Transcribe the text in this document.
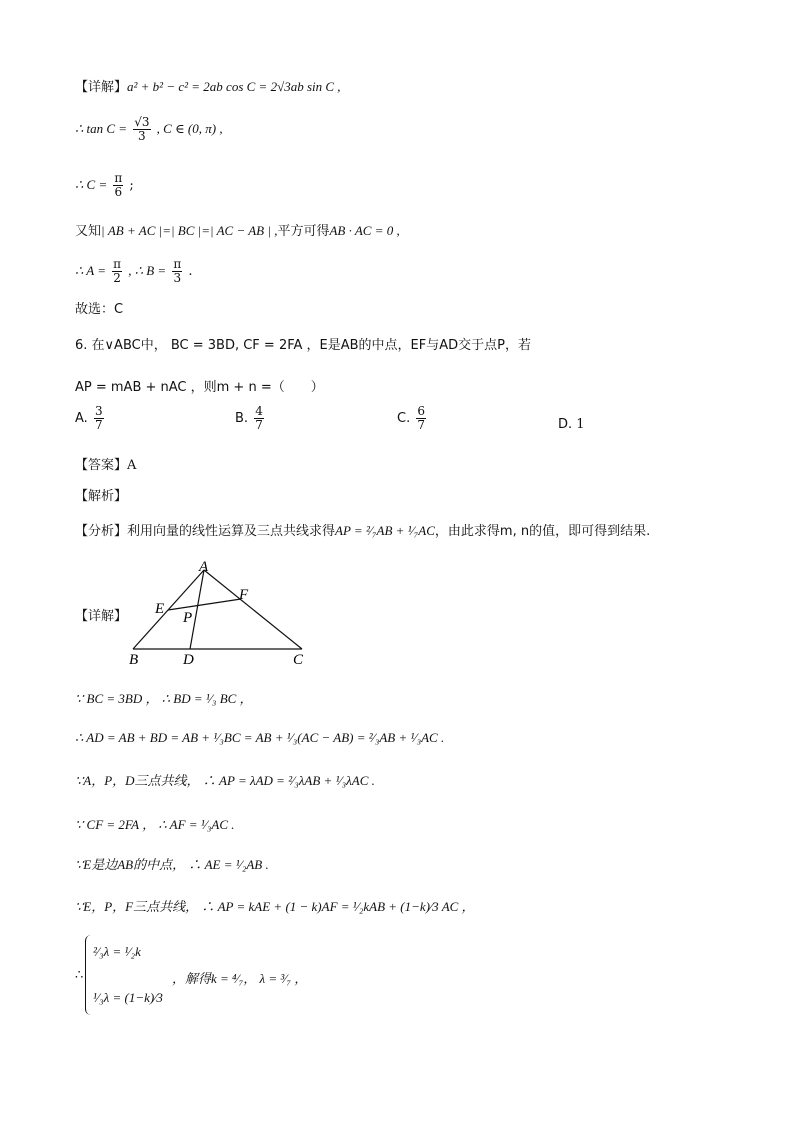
【详解】a² + b² − c² = 2ab cos C = 2√3ab sin C ,
∴ $\tan C = \frac{√3}{3}$ , C ∈ (0, π) ,
∴ $C = \frac{\pi}{6}$ ;
又知| AB + AC |=| BC |=| AC − AB | ,平方可得AB · AC = 0 ,
∴ $A = \frac{\pi}{2}$ , ∴ $B = \frac{\pi}{3}$ .
故选：C
6. 在∨ABC中， BC = 3BD, CF = 2FA ，E是AB的中点，EF与AD交于点P，若
AP = mAB + nAC ，则m + n =（　　）
A. $\frac{3}{7}$	B. $\frac{4}{7}$	C. $\frac{6}{7}$	D. 1
【答案】A
【解析】
【分析】利用向量的线性运算及三点共线求得AP = ²⁄₇AB + ¹⁄₇AC，由此求得m, n的值，即可得到结果.
【详解】
A
F
E
P
B	D	C
∵ BC = 3BD ， ∴ BD = ¹⁄₃ BC ，
∴ AD = AB + BD = AB + ¹⁄₃BC = AB + ¹⁄₃(AC − AB) = ²⁄₃AB + ¹⁄₃AC .
∵A，P，D三点共线， ∴ AP = λAD = ²⁄₃λAB + ¹⁄₃λAC .
∵ CF = 2FA ， ∴ AF = ¹⁄₃AC .
∵E是边AB的中点， ∴ AE = ¹⁄₂AB .
∵E，P，F三点共线， ∴ AP = kAE + (1 − k)AF = ¹⁄₂kAB + (1−k)⁄3 AC ，
∴
²⁄₃λ = ¹⁄₂k
¹⁄₃λ = (1−k)⁄3
，解得k = ⁴⁄₇， λ = ³⁄₇ ，
